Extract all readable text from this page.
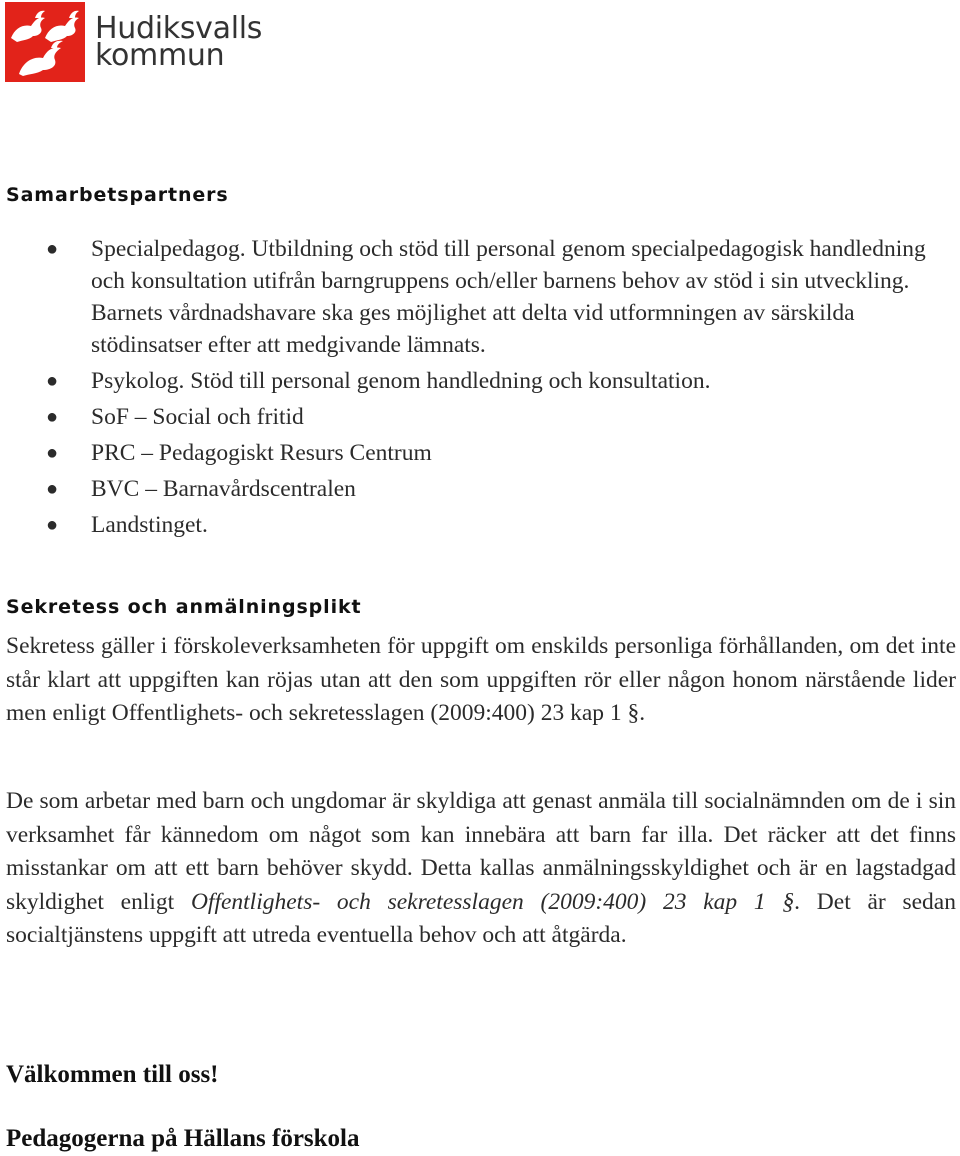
Hudiksvalls
kommun
Samarbetspartners
● Specialpedagog. Utbildning och stöd till personal genom specialpedagogisk handledning och konsultation utifrån barngruppens och/eller barnens behov av stöd i sin utveckling. Barnets vårdnadshavare ska ges möjlighet att delta vid utformningen av särskilda stödinsatser efter att medgivande lämnats.
● Psykolog. Stöd till personal genom handledning och konsultation.
● SoF – Social och fritid
● PRC – Pedagogiskt Resurs Centrum
● BVC – Barnavårdscentralen
● Landstinget.
Sekretess och anmälningsplikt
Sekretess gäller i förskoleverksamheten för uppgift om enskilds personliga förhållanden, om det inte står klart att uppgiften kan röjas utan att den som uppgiften rör eller någon honom närstående lider men enligt Offentlighets- och sekretesslagen (2009:400) 23 kap 1 §.
De som arbetar med barn och ungdomar är skyldiga att genast anmäla till socialnämnden om de i sin verksamhet får kännedom om något som kan innebära att barn far illa. Det räcker att det finns misstankar om att ett barn behöver skydd. Detta kallas anmälningsskyldighet och är en lagstadgad skyldighet enligt Offentlighets- och sekretesslagen (2009:400) 23 kap 1 §. Det är sedan socialtjänstens uppgift att utreda eventuella behov och att åtgärda.
Välkommen till oss!
Pedagogerna på Hällans förskola
